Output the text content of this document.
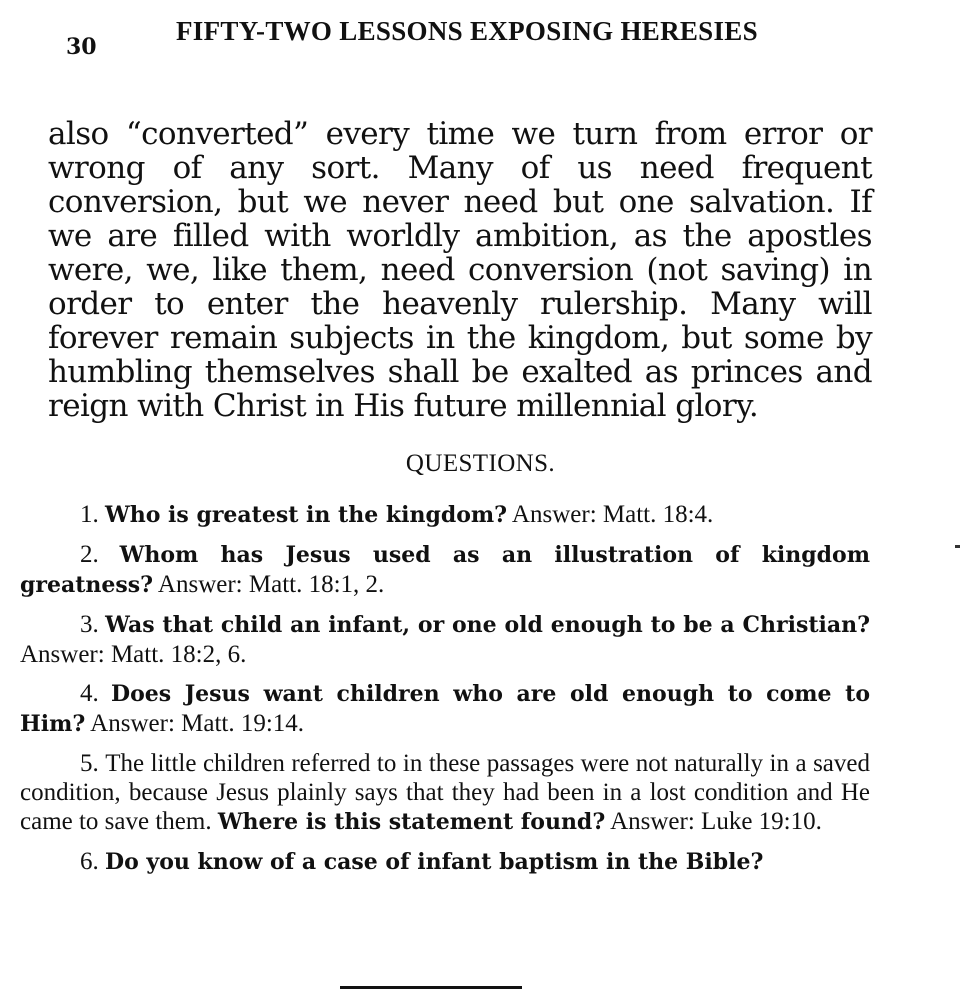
30
FIFTY-TWO LESSONS EXPOSING HERESIES

also “converted” every time we turn from error or wrong of any sort. Many of us need frequent conversion, but we never need but one salvation. If we are filled with worldly ambition, as the apostles were, we, like them, need conversion (not saving) in order to enter the heavenly rulership. Many will forever remain subjects in the kingdom, but some by humbling themselves shall be exalted as princes and reign with Christ in His future millennial glory.

QUESTIONS.

1. Who is greatest in the kingdom? Answer: Matt. 18:4.

2. Whom has Jesus used as an illustration of kingdom greatness? Answer: Matt. 18:1, 2.

3. Was that child an infant, or one old enough to be a Christian? Answer: Matt. 18:2, 6.

4. Does Jesus want children who are old enough to come to Him? Answer: Matt. 19:14.

5. The little children referred to in these passages were not naturally in a saved condition, because Jesus plainly says that they had been in a lost condition and He came to save them. Where is this statement found? Answer: Luke 19:10.

6. Do you know of a case of infant baptism in the Bible?
